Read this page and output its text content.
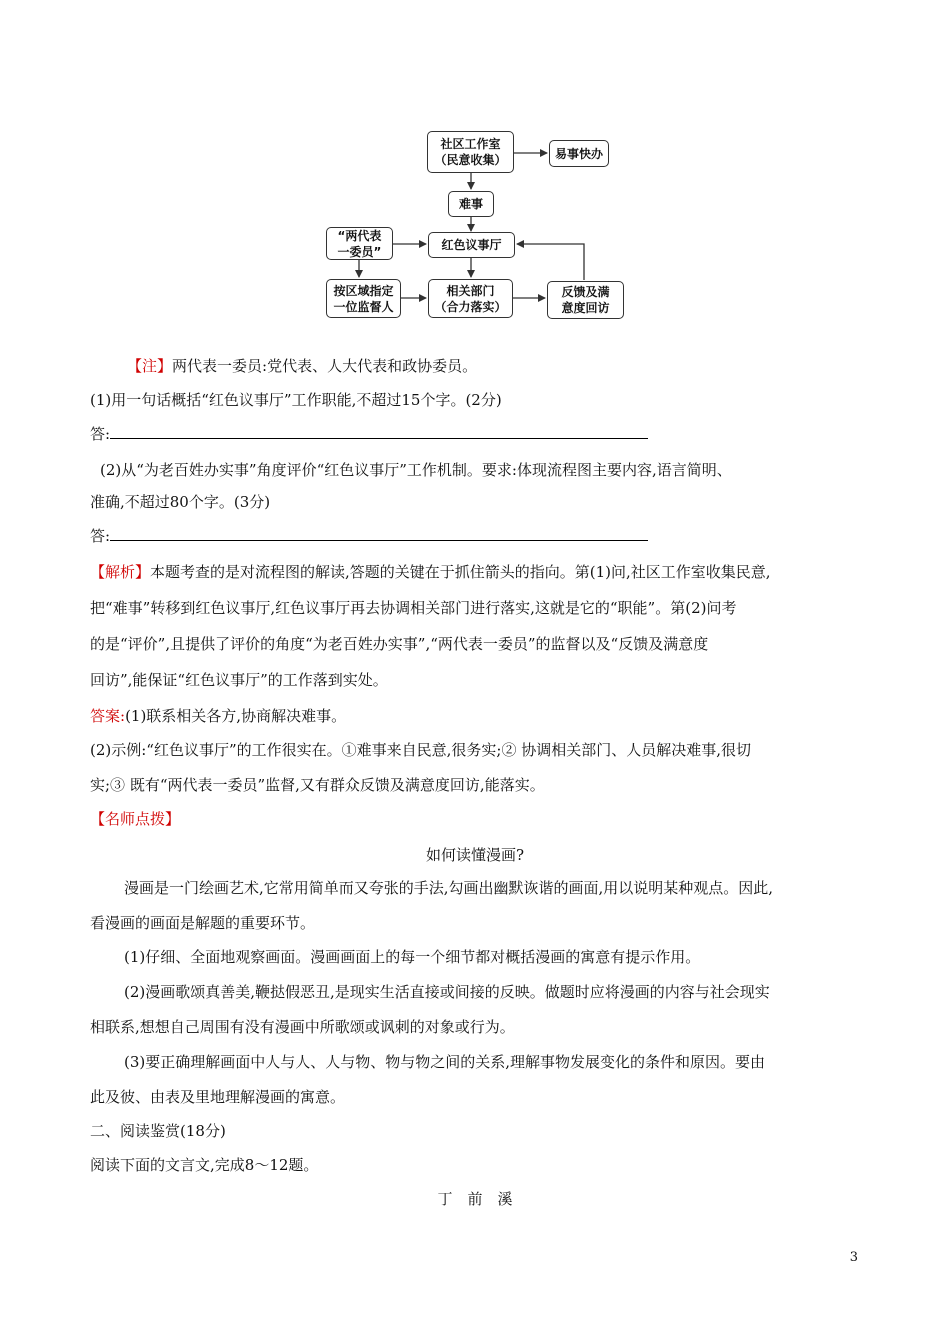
社区工作室
（民意收集）	易事快办
难事
红色议事厅
“两代表
一委员”
按区域指定
一位监督人
相关部门
（合力落实）
反馈及满
意度回访
【注】两代表一委员:党代表、人大代表和政协委员。
(1)用一句话概括“红色议事厅”工作职能,不超过15个字。(2分)
答:
(2)从“为老百姓办实事”角度评价“红色议事厅”工作机制。要求:体现流程图主要内容,语言简明、
准确,不超过80个字。(3分)
答:
【解析】本题考查的是对流程图的解读,答题的关键在于抓住箭头的指向。第(1)问,社区工作室收集民意,
把“难事”转移到红色议事厅,红色议事厅再去协调相关部门进行落实,这就是它的“职能”。第(2)问考
的是“评价”,且提供了评价的角度“为老百姓办实事”,“两代表一委员”的监督以及“反馈及满意度
回访”,能保证“红色议事厅”的工作落到实处。
答案:(1)联系相关各方,协商解决难事。
(2)示例:“红色议事厅”的工作很实在。①难事来自民意,很务实;② 协调相关部门、人员解决难事,很切
实;③ 既有“两代表一委员”监督,又有群众反馈及满意度回访,能落实。
【名师点拨】
如何读懂漫画?
漫画是一门绘画艺术,它常用简单而又夸张的手法,勾画出幽默诙谐的画面,用以说明某种观点。因此,
看漫画的画面是解题的重要环节。
(1)仔细、全面地观察画面。漫画画面上的每一个细节都对概括漫画的寓意有提示作用。
(2)漫画歌颂真善美,鞭挞假恶丑,是现实生活直接或间接的反映。做题时应将漫画的内容与社会现实
相联系,想想自己周围有没有漫画中所歌颂或讽刺的对象或行为。
(3)要正确理解画面中人与人、人与物、物与物之间的关系,理解事物发展变化的条件和原因。要由
此及彼、由表及里地理解漫画的寓意。
二、阅读鉴赏(18分)
阅读下面的文言文,完成8～12题。
丁　前　溪
3
